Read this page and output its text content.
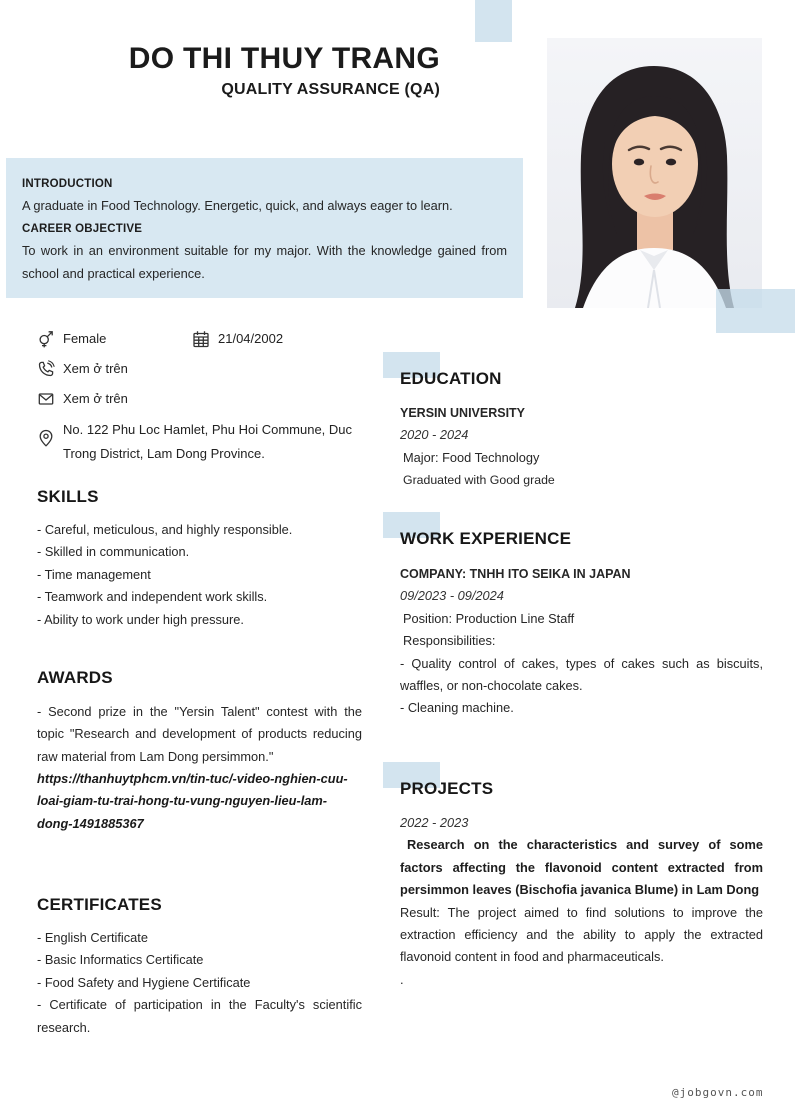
DO THI THUY TRANG
QUALITY ASSURANCE (QA)
INTRODUCTION

A graduate in Food Technology. Energetic, quick, and always eager to learn.

CAREER OBJECTIVE

To work in an environment suitable for my major. With the knowledge gained from school and practical experience.

Female	21/04/2002
Xem ở trên
Xem ở trên
No. 122 Phu Loc Hamlet, Phu Hoi Commune, Duc Trong District, Lam Dong Province.
SKILLS
- Careful, meticulous, and highly responsible.
- Skilled in communication.
- Time management
- Teamwork and independent work skills.
- Ability to work under high pressure.
AWARDS
- Second prize in the "Yersin Talent" contest with the topic "Research and development of products reducing raw material from Lam Dong persimmon."
https://thanhuytphcm.vn/tin-tuc/-video-nghien-cuu-loai-giam-tu-trai-hong-tu-vung-nguyen-lieu-lam-dong-1491885367
CERTIFICATES
- English Certificate
- Basic Informatics Certificate
- Food Safety and Hygiene Certificate
- Certificate of participation in the Faculty's scientific research.
EDUCATION
YERSIN UNIVERSITY
2020 - 2024
Major: Food Technology
Graduated with Good grade
WORK EXPERIENCE
COMPANY: TNHH ITO SEIKA IN JAPAN
09/2023 - 09/2024
Position: Production Line Staff
Responsibilities:
- Quality control of cakes, types of cakes such as biscuits, waffles, or non-chocolate cakes.
- Cleaning machine.
PROJECTS
2022 - 2023
Research on the characteristics and survey of some factors affecting the flavonoid content extracted from persimmon leaves (Bischofia javanica Blume) in Lam Dong
Result: The project aimed to find solutions to improve the extraction efficiency and the ability to apply the extracted flavonoid content in food and pharmaceuticals.
.
@jobgovn.com
